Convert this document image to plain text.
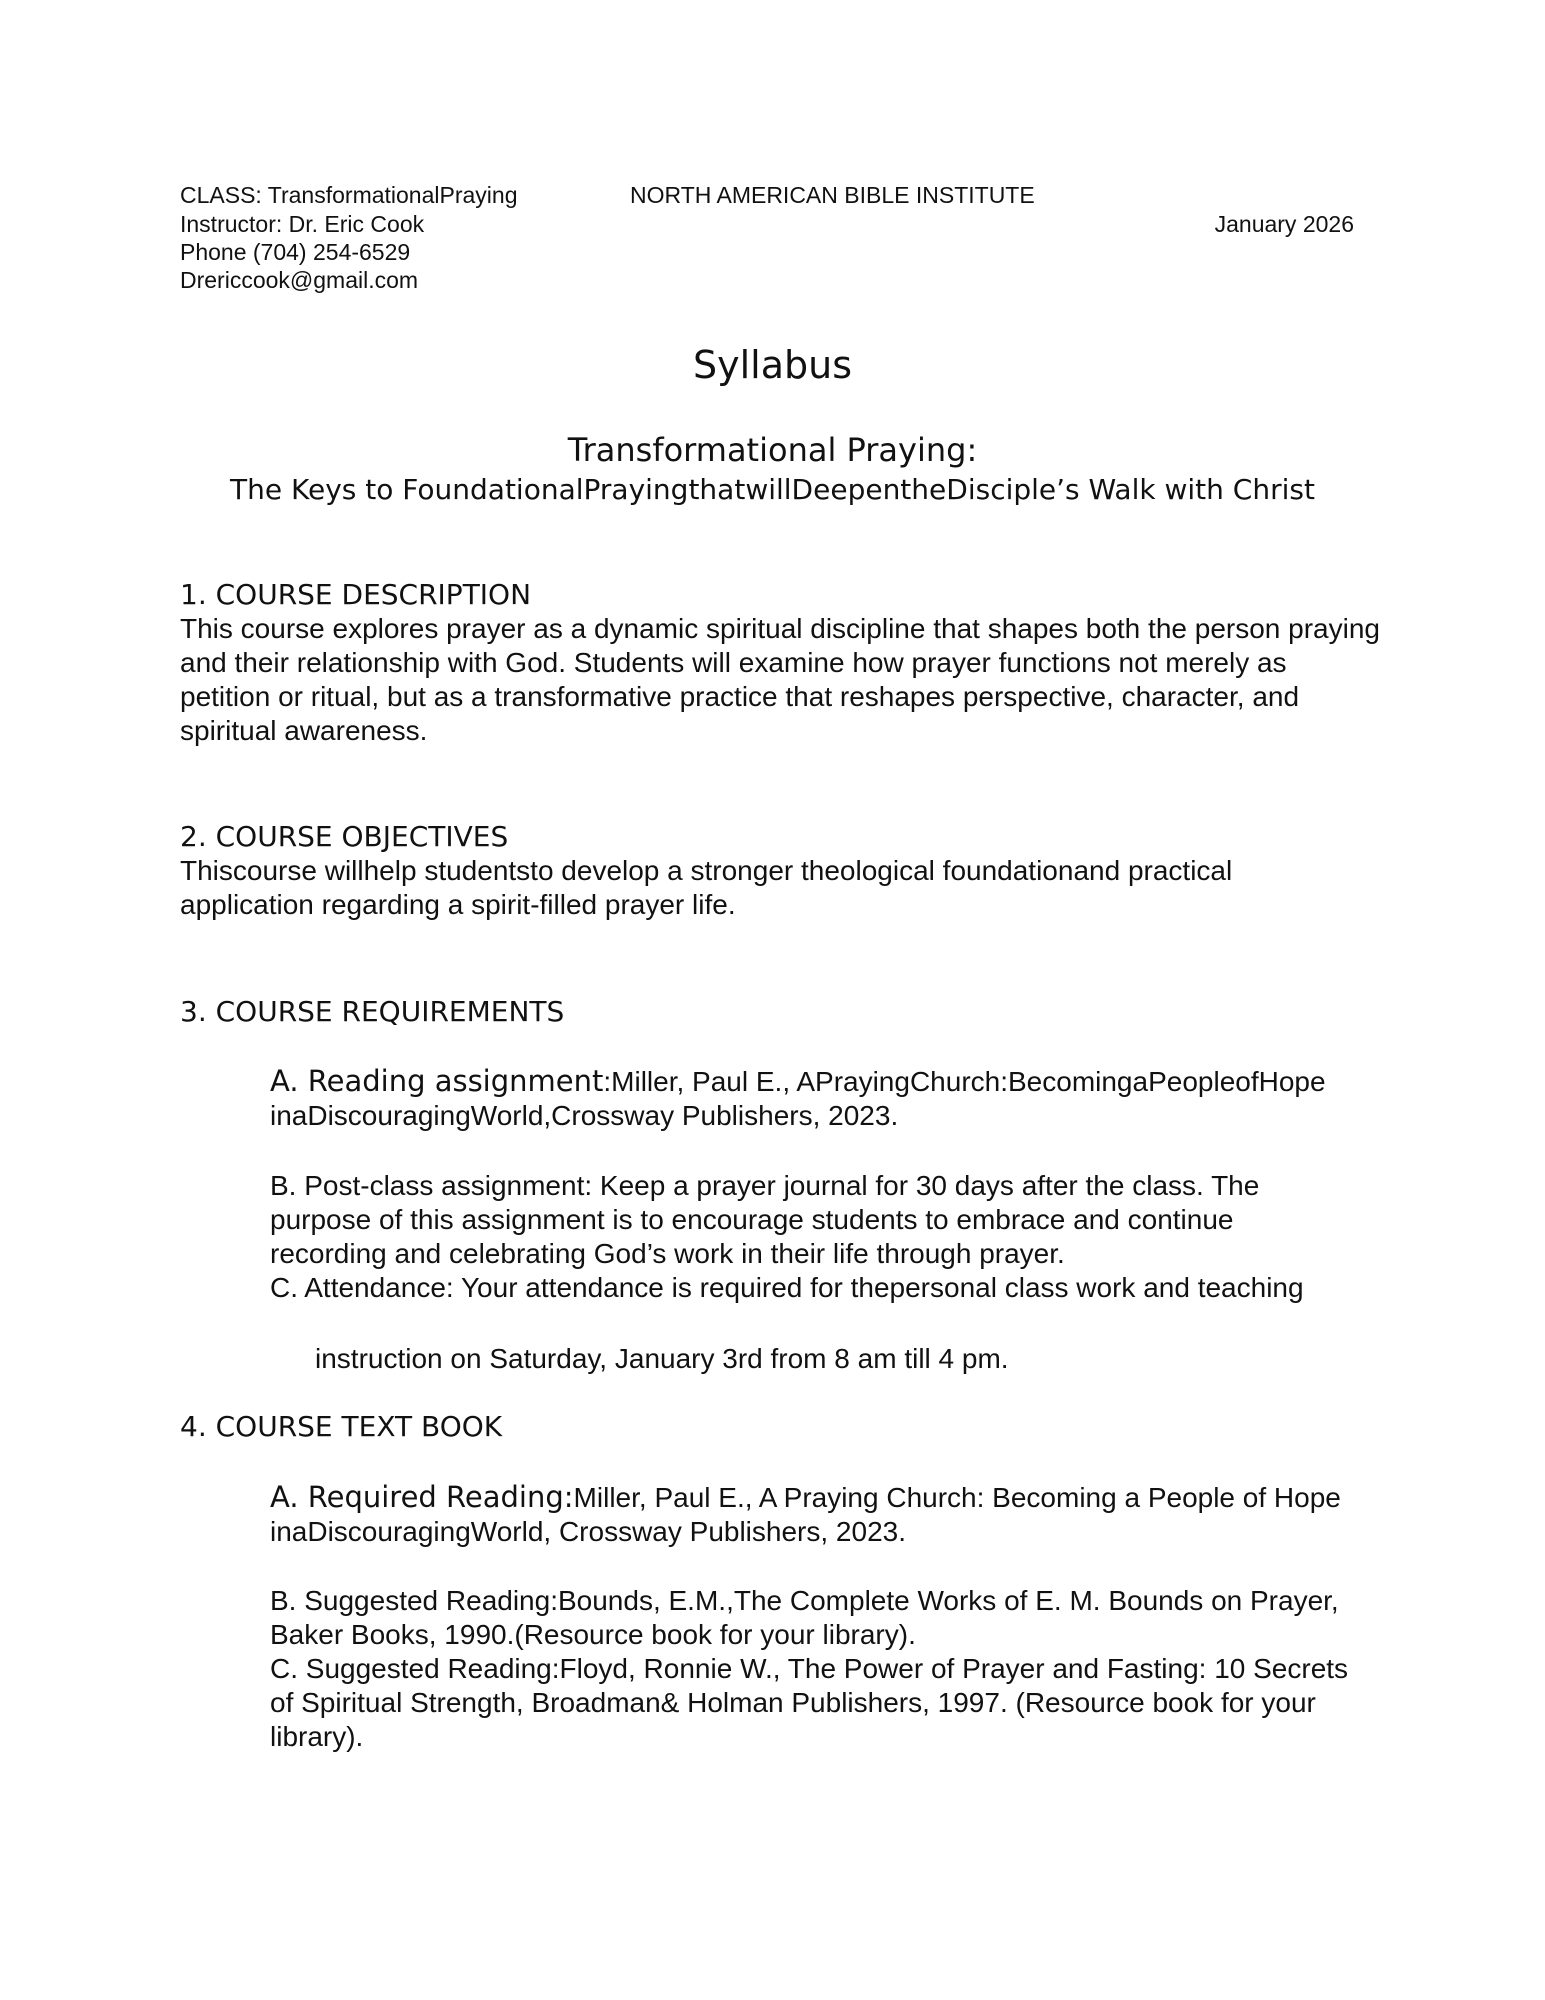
CLASS: TransformationalPraying	NORTH AMERICAN BIBLE INSTITUTE
Instructor: Dr. Eric Cook	January 2026
Phone (704) 254-6529
Drericcook@gmail.com
Syllabus
Transformational Praying:
The Keys to FoundationalPrayingthatwillDeepentheDisciple’s Walk with Christ
1. COURSE DESCRIPTION
This course explores prayer as a dynamic spiritual discipline that shapes both the person praying
and their relationship with God. Students will examine how prayer functions not merely as
petition or ritual, but as a transformative practice that reshapes perspective, character, and
spiritual awareness.
2. COURSE OBJECTIVES
Thiscourse willhelp studentsto develop a stronger theological foundationand practical
application regarding a spirit-filled prayer life.
3. COURSE REQUIREMENTS
A. Reading assignment:Miller, Paul E., APrayingChurch:BecomingaPeopleofHope
inaDiscouragingWorld,Crossway Publishers, 2023.
B. Post-class assignment: Keep a prayer journal for 30 days after the class. The
purpose of this assignment is to encourage students to embrace and continue
recording and celebrating God’s work in their life through prayer.
C. Attendance: Your attendance is required for thepersonal class work and teaching
instruction on Saturday, January 3rd from 8 am till 4 pm.
4. COURSE TEXT BOOK
A. Required Reading:Miller, Paul E., A Praying Church: Becoming a People of Hope
inaDiscouragingWorld, Crossway Publishers, 2023.
B. Suggested Reading:Bounds, E.M.,The Complete Works of E. M. Bounds on Prayer,
Baker Books, 1990.(Resource book for your library).
C. Suggested Reading:Floyd, Ronnie W., The Power of Prayer and Fasting: 10 Secrets
of Spiritual Strength, Broadman& Holman Publishers, 1997. (Resource book for your
library).
